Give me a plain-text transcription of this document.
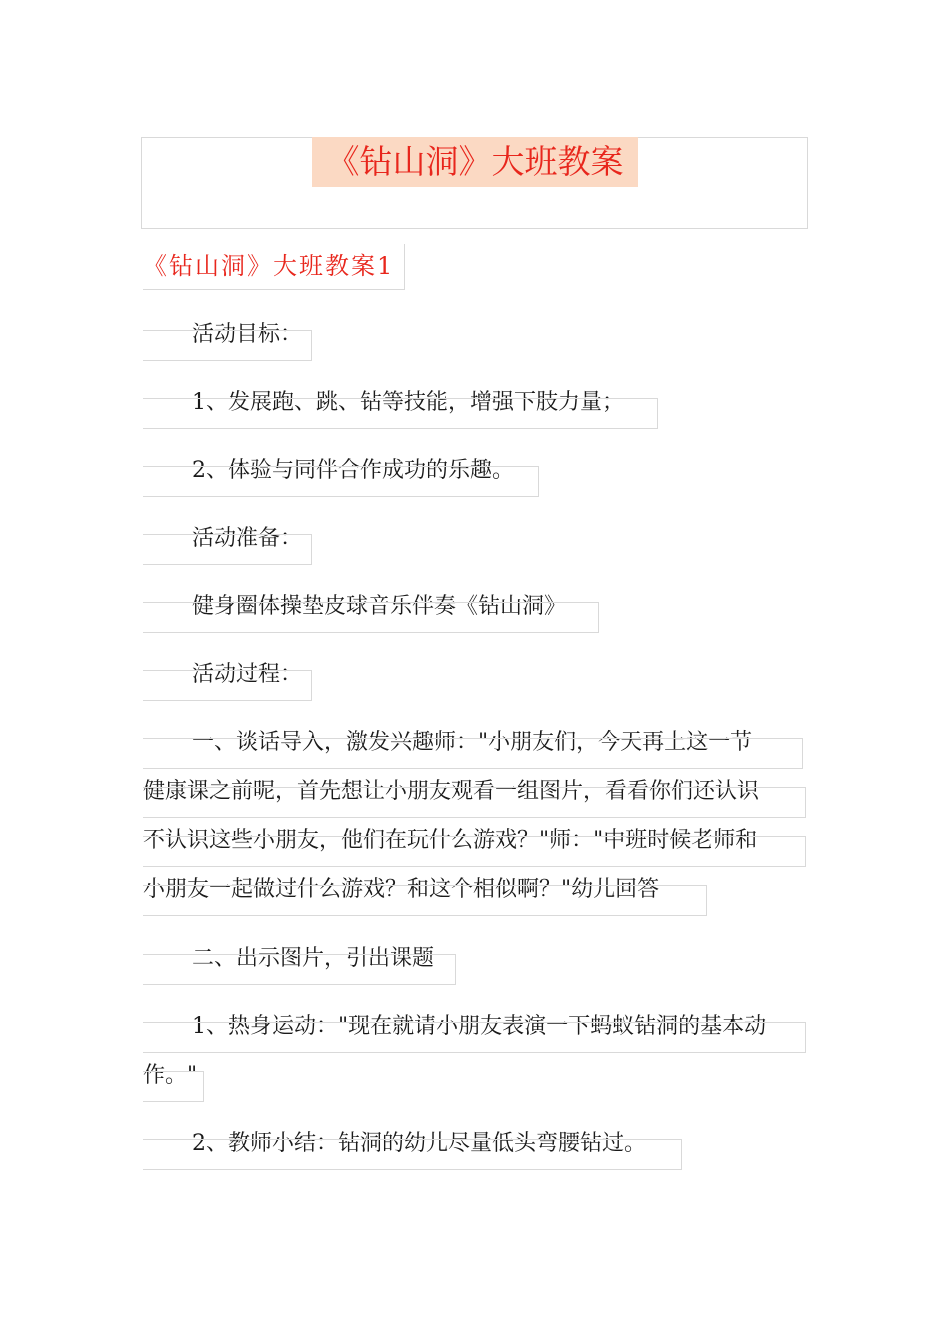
《钻山洞》大班教案
《钻山洞》大班教案1
活动目标：
1、发展跑、跳、钻等技能，增强下肢力量；
2、体验与同伴合作成功的乐趣。
活动准备：
健身圈体操垫皮球音乐伴奏《钻山洞》
活动过程：
一、谈话导入，激发兴趣师："小朋友们，今天再上这一节
健康课之前呢，首先想让小朋友观看一组图片，看看你们还认识
不认识这些小朋友，他们在玩什么游戏？"师："中班时候老师和
小朋友一起做过什么游戏？和这个相似啊？"幼儿回答
二、出示图片，引出课题
1、热身运动："现在就请小朋友表演一下蚂蚁钻洞的基本动
作。"
2、教师小结：钻洞的幼儿尽量低头弯腰钻过。
